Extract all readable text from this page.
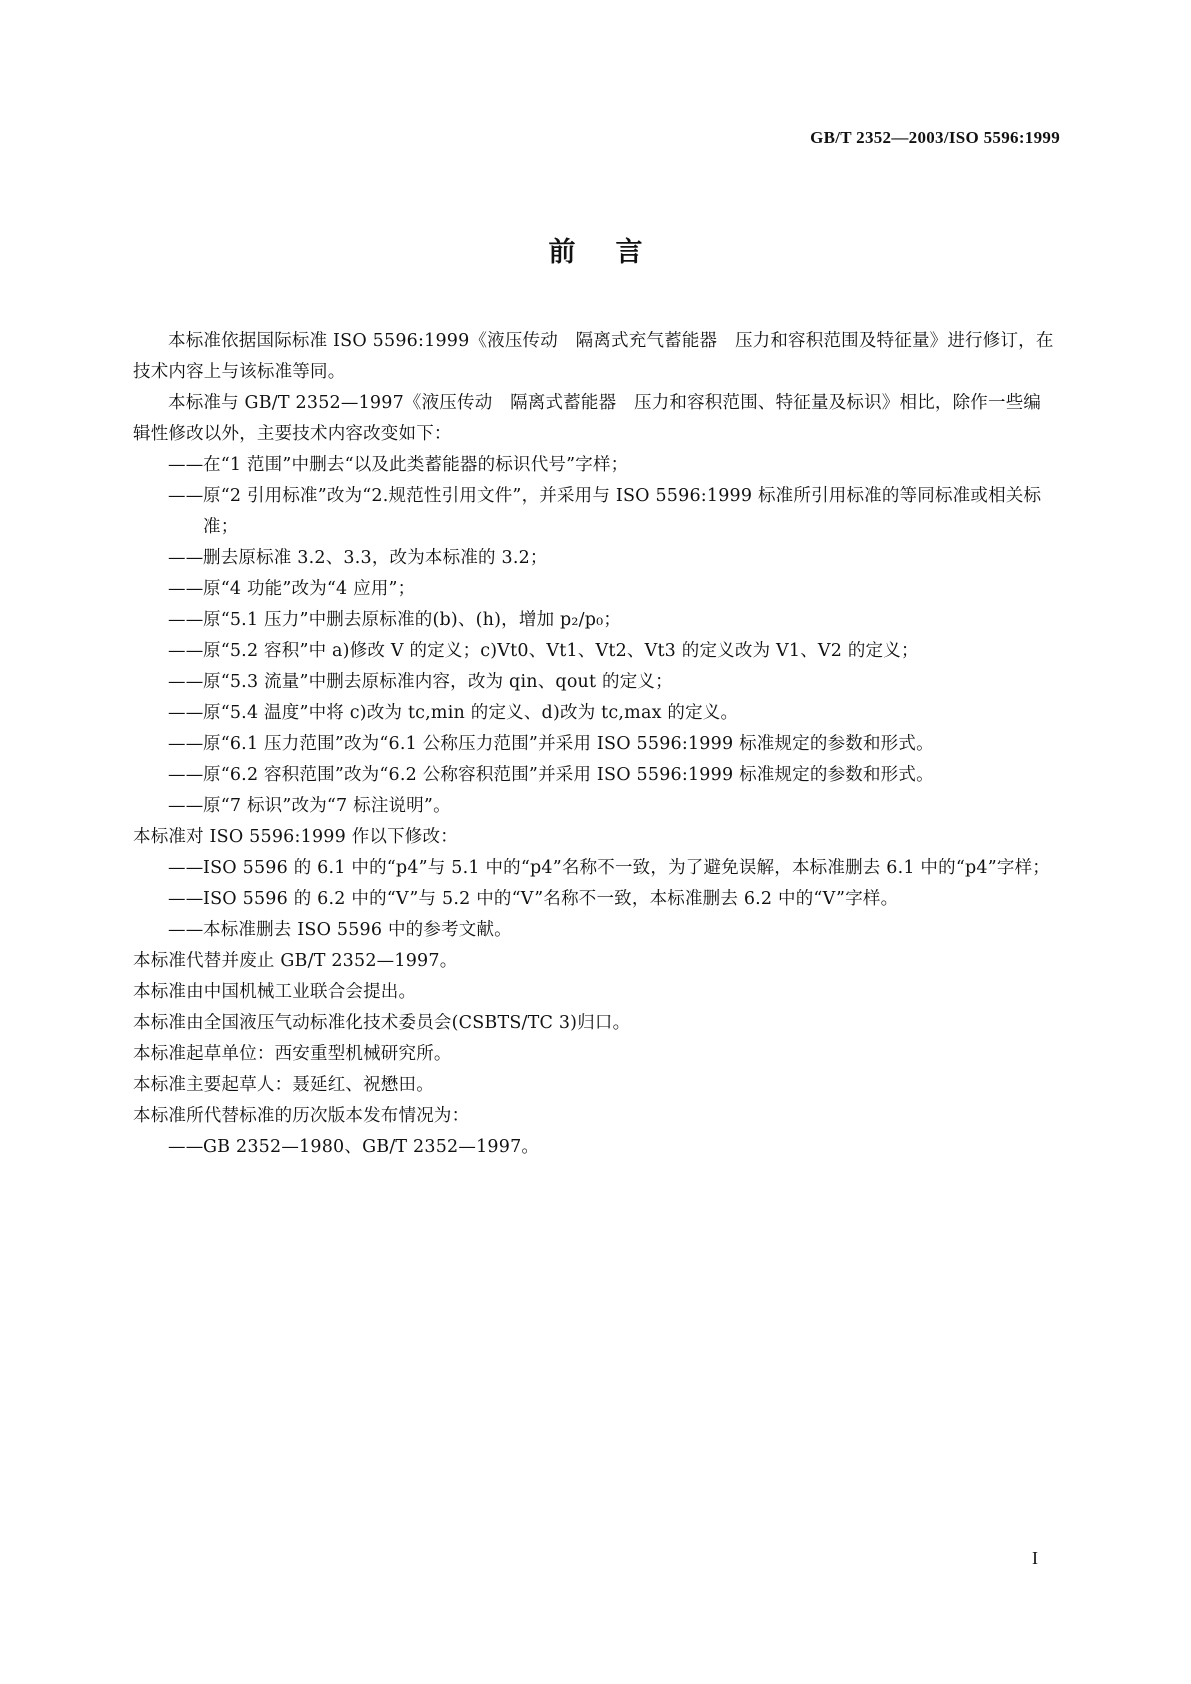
GB/T 2352—2003/ISO 5596:1999
前言

本标准依据国际标准 ISO 5596:1999《液压传动　隔离式充气蓄能器　压力和容积范围及特征量》进行修订，在技术内容上与该标准等同。

本标准与 GB/T 2352—1997《液压传动　隔离式蓄能器　压力和容积范围、特征量及标识》相比，除作一些编辑性修改以外，主要技术内容改变如下：

——在“1 范围”中删去“以及此类蓄能器的标识代号”字样；

——原“2 引用标准”改为“2.规范性引用文件”，并采用与 ISO 5596:1999 标准所引用标准的等同标准或相关标准；

——删去原标准 3.2、3.3，改为本标准的 3.2；

——原“4 功能”改为“4 应用”；

——原“5.1 压力”中删去原标准的(b)、(h)，增加 p₂/p₀；

——原“5.2 容积”中 a)修改 V 的定义；c)Vt0、Vt1、Vt2、Vt3 的定义改为 V1、V2 的定义；

——原“5.3 流量”中删去原标准内容，改为 qin、qout 的定义；

——原“5.4 温度”中将 c)改为 tc,min 的定义、d)改为 tc,max 的定义。

——原“6.1 压力范围”改为“6.1 公称压力范围”并采用 ISO 5596:1999 标准规定的参数和形式。

——原“6.2 容积范围”改为“6.2 公称容积范围”并采用 ISO 5596:1999 标准规定的参数和形式。

——原“7 标识”改为“7 标注说明”。

本标准对 ISO 5596:1999 作以下修改：

——ISO 5596 的 6.1 中的“p4”与 5.1 中的“p4”名称不一致，为了避免误解，本标准删去 6.1 中的“p4”字样；

——ISO 5596 的 6.2 中的“V”与 5.2 中的“V”名称不一致，本标准删去 6.2 中的“V”字样。

——本标准删去 ISO 5596 中的参考文献。

本标准代替并废止 GB/T 2352—1997。

本标准由中国机械工业联合会提出。

本标准由全国液压气动标准化技术委员会(CSBTS/TC 3)归口。

本标准起草单位：西安重型机械研究所。

本标准主要起草人：聂延红、祝懋田。

本标准所代替标准的历次版本发布情况为：

——GB 2352—1980、GB/T 2352—1997。

I
